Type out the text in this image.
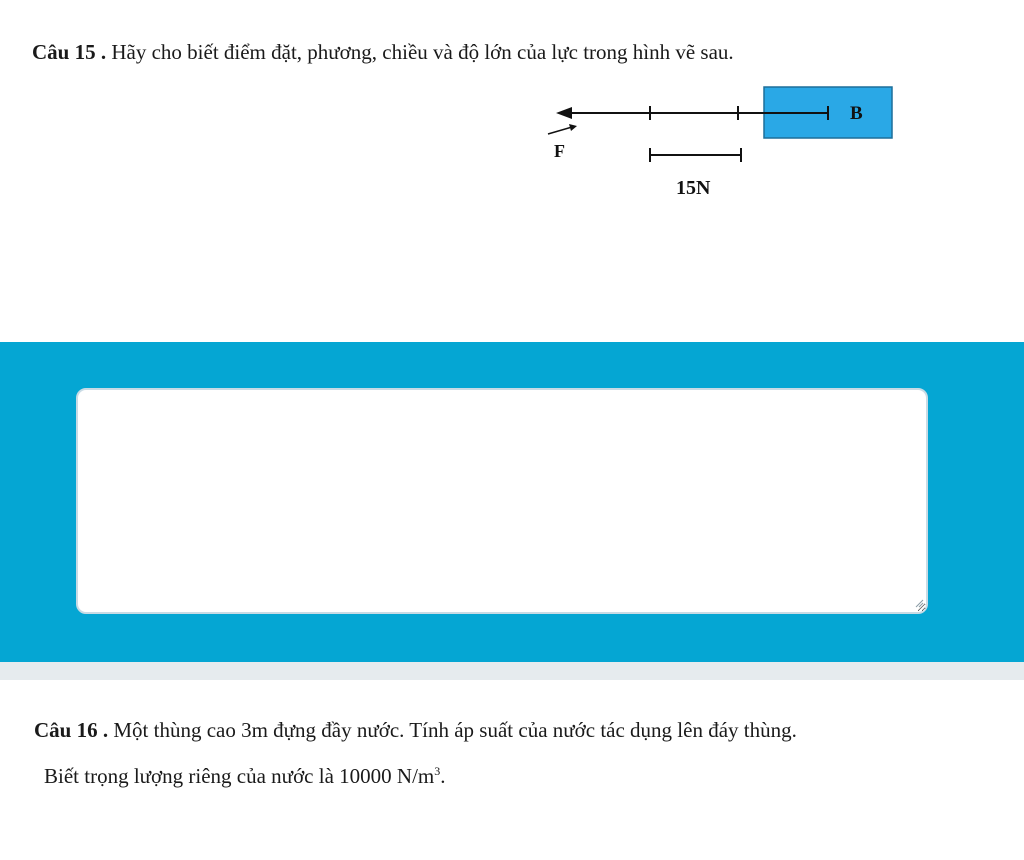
Câu 15 . Hãy cho biết điểm đặt, phương, chiều và độ lớn của lực trong hình vẽ sau.
B
F
15N
Câu 16 . Một thùng cao 3m đựng đầy nước. Tính áp suất của nước tác dụng lên đáy thùng.
Biết trọng lượng riêng của nước là 10000 $N/m^3$.
